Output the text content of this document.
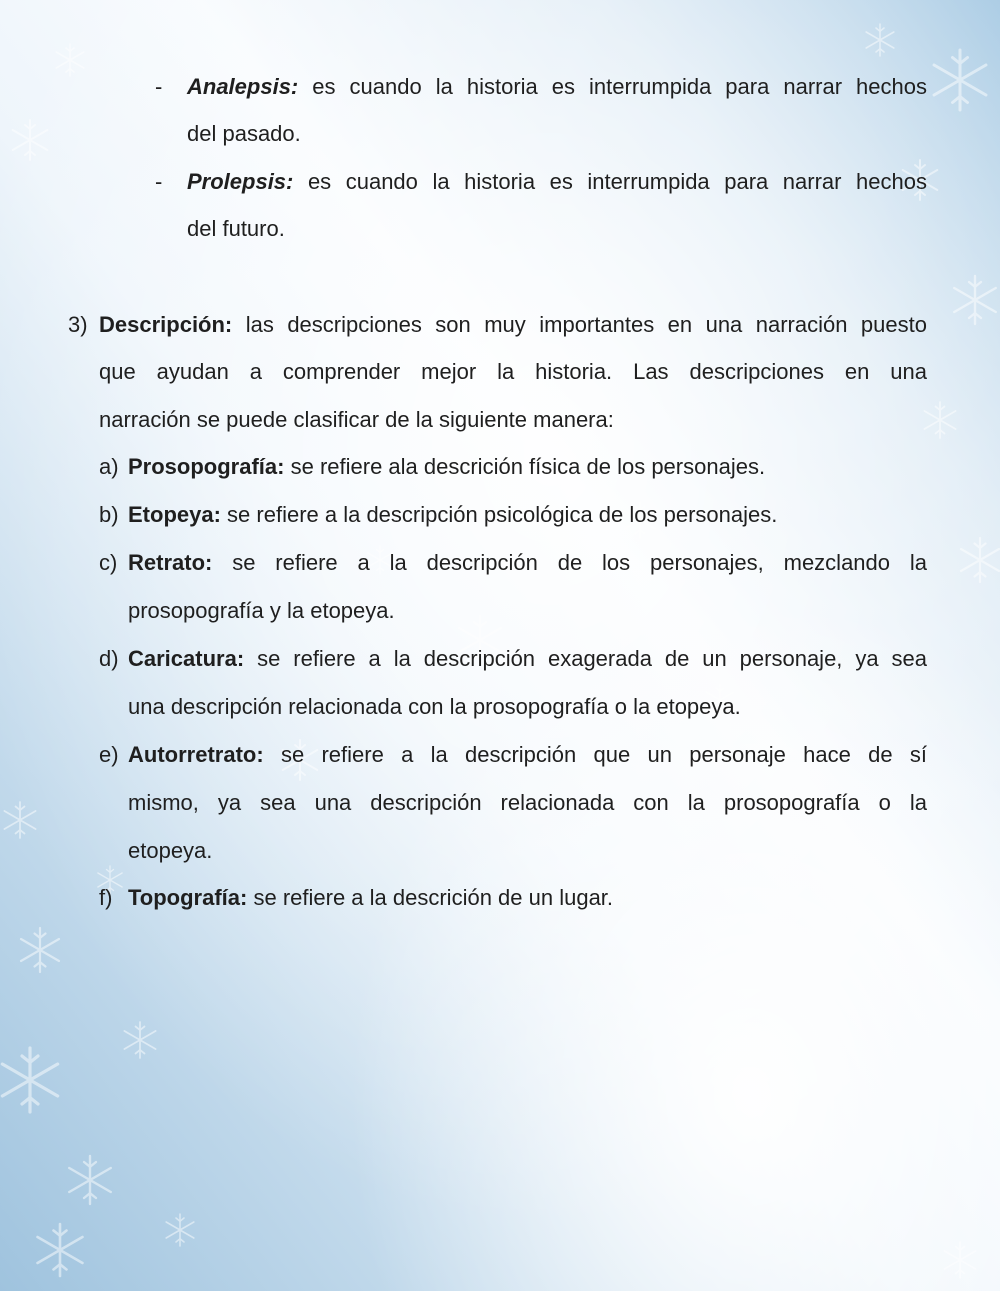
- Analepsis: es cuando la historia es interrumpida para narrar hechos
del pasado.
- Prolepsis: es cuando la historia es interrumpida para narrar hechos
del futuro.
3) Descripción: las descripciones son muy importantes en una narración puesto
que ayudan a comprender mejor la historia. Las descripciones en una
narración se puede clasificar de la siguiente manera:
a) Prosopografía: se refiere ala descrición física de los personajes.
b) Etopeya: se refiere a la descripción psicológica de los personajes.
c) Retrato: se refiere a la descripción de los personajes, mezclando la
prosopografía y la etopeya.
d) Caricatura: se refiere a la descripción exagerada de un personaje, ya sea
una descripción relacionada con la prosopografía o la etopeya.
e) Autorretrato: se refiere a la descripción que un personaje hace de sí
mismo, ya sea una descripción relacionada con la prosopografía o la
etopeya.
f) Topografía: se refiere a la descrición de un lugar.
